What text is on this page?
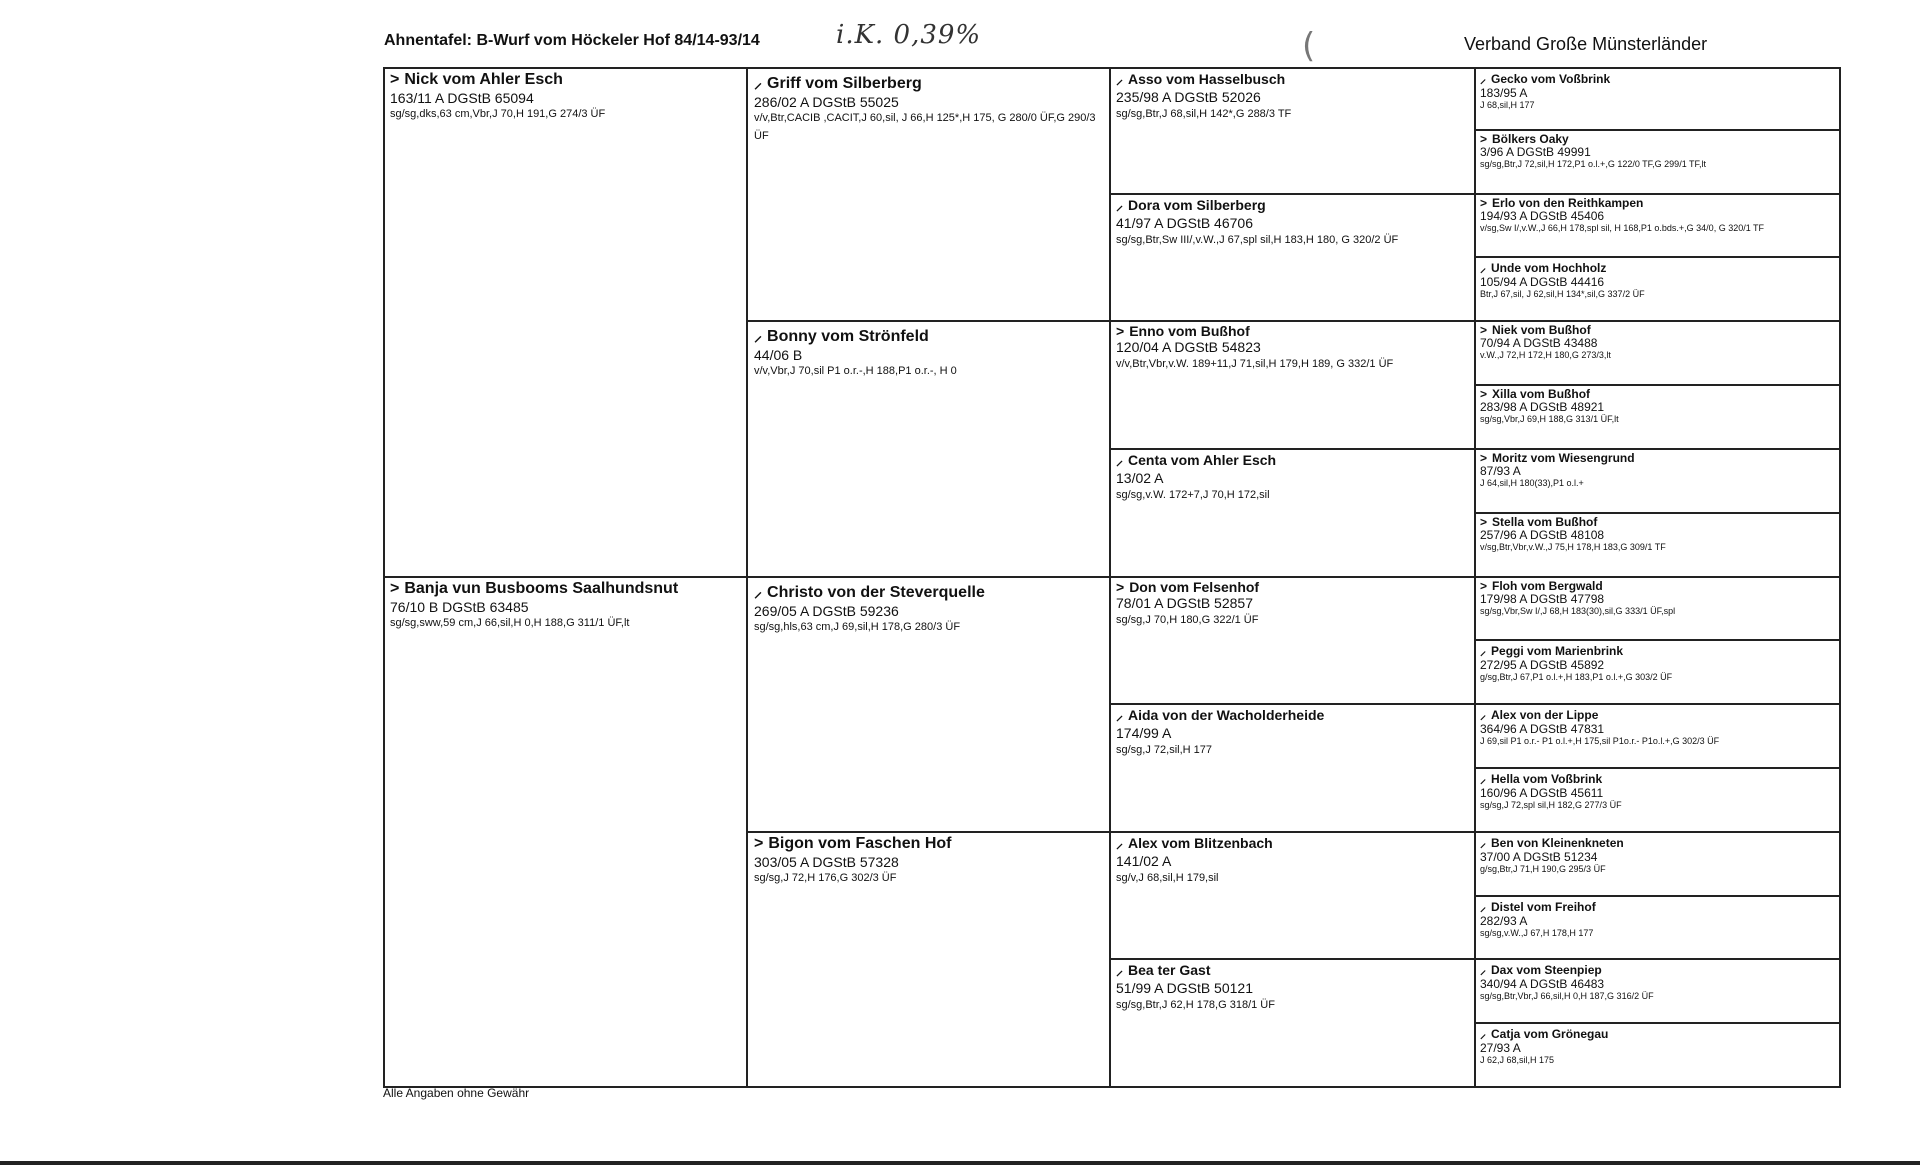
Ahnentafel: B-Wurf vom Höckeler Hof 84/14-93/14	i.K. 0,39%	(	Verband Große Münsterländer
> Nick vom Ahler Esch
163/11 A DGStB 65094
sg/sg,dks,63 cm,Vbr,J 70,H 191,G 274/3 ÜF
> Banja vun Busbooms Saalhundsnut
76/10 B DGStB 63485
sg/sg,sww,59 cm,J 66,sil,H 0,H 188,G 311/1 ÜF,lt
⸝ Griff vom Silberberg
286/02 A DGStB 55025
v/v,Btr,CACIB ,CACIT,J 60,sil, J 66,H 125*,H 175, G 280/0 ÜF,G 290/3 ÜF
⸝ Bonny vom Strönfeld
44/06 B
v/v,Vbr,J 70,sil P1 o.r.-,H 188,P1 o.r.-, H 0
⸝ Christo von der Steverquelle
269/05 A DGStB 59236
sg/sg,hls,63 cm,J 69,sil,H 178,G 280/3 ÜF
> Bigon vom Faschen Hof
303/05 A DGStB 57328
sg/sg,J 72,H 176,G 302/3 ÜF
⸝ Asso vom Hasselbusch
235/98 A DGStB 52026
sg/sg,Btr,J 68,sil,H 142*,G 288/3 TF
⸝ Dora vom Silberberg
41/97 A DGStB 46706
sg/sg,Btr,Sw III/,v.W.,J 67,spl sil,H 183,H 180, G 320/2 ÜF
> Enno vom Bußhof
120/04 A DGStB 54823
v/v,Btr,Vbr,v.W. 189+11,J 71,sil,H 179,H 189, G 332/1 ÜF
⸝ Centa vom Ahler Esch
13/02 A
sg/sg,v.W. 172+7,J 70,H 172,sil
> Don vom Felsenhof
78/01 A DGStB 52857
sg/sg,J 70,H 180,G 322/1 ÜF
⸝ Aida von der Wacholderheide
174/99 A
sg/sg,J 72,sil,H 177
⸝ Alex vom Blitzenbach
141/02 A
sg/v,J 68,sil,H 179,sil
⸝ Bea ter Gast
51/99 A DGStB 50121
sg/sg,Btr,J 62,H 178,G 318/1 ÜF
⸝ Gecko vom Voßbrink
183/95 A
J 68,sil,H 177
> Bölkers Oaky
3/96 A DGStB 49991
sg/sg,Btr,J 72,sil,H 172,P1 o.l.+,G 122/0 TF,G 299/1 TF,lt
> Erlo von den Reithkampen
194/93 A DGStB 45406
v/sg,Sw I/,v.W.,J 66,H 178,spl sil, H 168,P1 o.bds.+,G 34/0, G 320/1 TF
⸝ Unde vom Hochholz
105/94 A DGStB 44416
Btr,J 67,sil, J 62,sil,H 134*,sil,G 337/2 ÜF
> Niek vom Bußhof
70/94 A DGStB 43488
v.W.,J 72,H 172,H 180,G 273/3,lt
> Xilla vom Bußhof
283/98 A DGStB 48921
sg/sg,Vbr,J 69,H 188,G 313/1 ÜF,lt
> Moritz vom Wiesengrund
87/93 A
J 64,sil,H 180(33),P1 o.l.+
> Stella vom Bußhof
257/96 A DGStB 48108
v/sg,Btr,Vbr,v.W.,J 75,H 178,H 183,G 309/1 TF
> Floh vom Bergwald
179/98 A DGStB 47798
sg/sg,Vbr,Sw I/,J 68,H 183(30),sil,G 333/1 ÜF,spl
⸝ Peggi vom Marienbrink
272/95 A DGStB 45892
g/sg,Btr,J 67,P1 o.l.+,H 183,P1 o.l.+,G 303/2 ÜF
⸝ Alex von der Lippe
364/96 A DGStB 47831
J 69,sil P1 o.r.- P1 o.l.+,H 175,sil P1o.r.- P1o.l.+,G 302/3 ÜF
⸝ Hella vom Voßbrink
160/96 A DGStB 45611
sg/sg,J 72,spl sil,H 182,G 277/3 ÜF
⸝ Ben von Kleinenkneten
37/00 A DGStB 51234
g/sg,Btr,J 71,H 190,G 295/3 ÜF
⸝ Distel vom Freihof
282/93 A
sg/sg,v.W.,J 67,H 178,H 177
⸝ Dax vom Steenpiep
340/94 A DGStB 46483
sg/sg,Btr,Vbr,J 66,sil,H 0,H 187,G 316/2 ÜF
⸝ Catja vom Grönegau
27/93 A
J 62,J 68,sil,H 175
Alle Angaben ohne Gewähr
